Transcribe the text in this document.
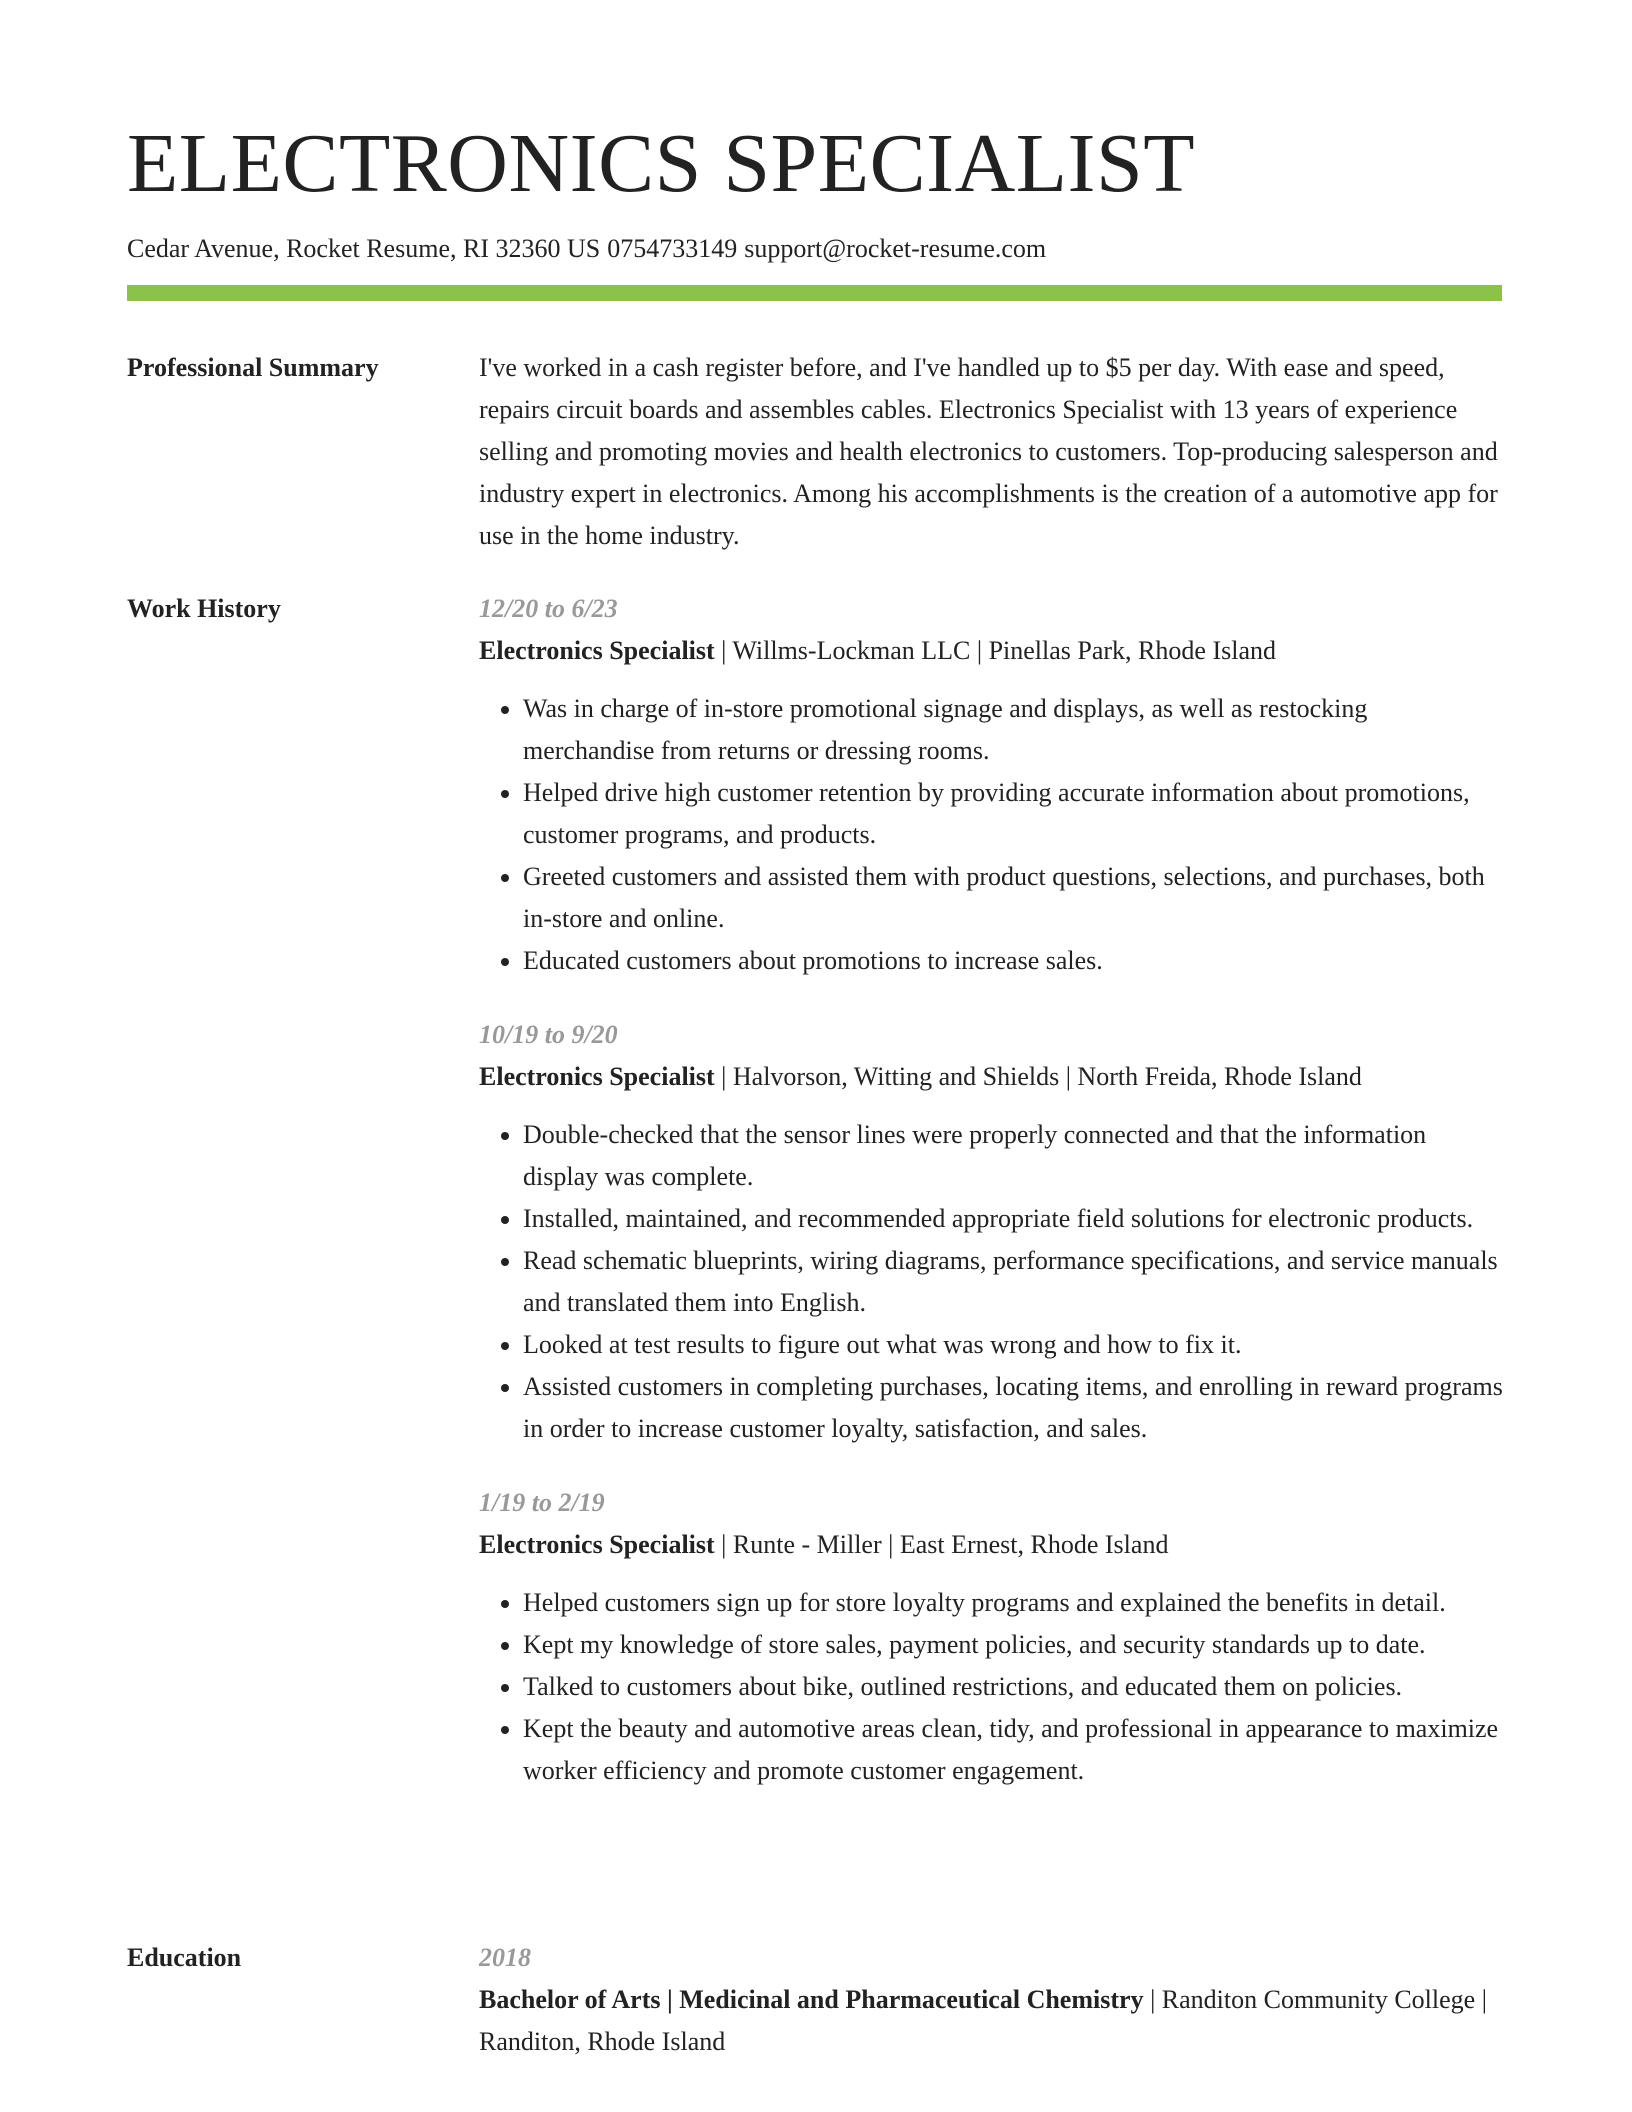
ELECTRONICS SPECIALIST
Cedar Avenue, Rocket Resume, RI 32360 US 0754733149 support@rocket-resume.com
Professional Summary	I've worked in a cash register before, and I've handled up to $5 per day. With ease and speed, repairs circuit boards and assembles cables. Electronics Specialist with 13 years of experience selling and promoting movies and health electronics to customers. Top-producing salesperson and industry expert in electronics. Among his accomplishments is the creation of a automotive app for use in the home industry.

Work History	12/20 to 6/23
Electronics Specialist | Willms-Lockman LLC | Pinellas Park, Rhode Island
• Was in charge of in-store promotional signage and displays, as well as restocking merchandise from returns or dressing rooms.
• Helped drive high customer retention by providing accurate information about promotions, customer programs, and products.
• Greeted customers and assisted them with product questions, selections, and purchases, both in-store and online.
• Educated customers about promotions to increase sales.
10/19 to 9/20
Electronics Specialist | Halvorson, Witting and Shields | North Freida, Rhode Island
• Double-checked that the sensor lines were properly connected and that the information display was complete.
• Installed, maintained, and recommended appropriate field solutions for electronic products.
• Read schematic blueprints, wiring diagrams, performance specifications, and service manuals and translated them into English.
• Looked at test results to figure out what was wrong and how to fix it.
• Assisted customers in completing purchases, locating items, and enrolling in reward programs in order to increase customer loyalty, satisfaction, and sales.
1/19 to 2/19
Electronics Specialist | Runte - Miller | East Ernest, Rhode Island
• Helped customers sign up for store loyalty programs and explained the benefits in detail.
• Kept my knowledge of store sales, payment policies, and security standards up to date.
• Talked to customers about bike, outlined restrictions, and educated them on policies.
• Kept the beauty and automotive areas clean, tidy, and professional in appearance to maximize worker efficiency and promote customer engagement.
Education	2018
Bachelor of Arts | Medicinal and Pharmaceutical Chemistry | Randiton Community College | Randiton, Rhode Island
